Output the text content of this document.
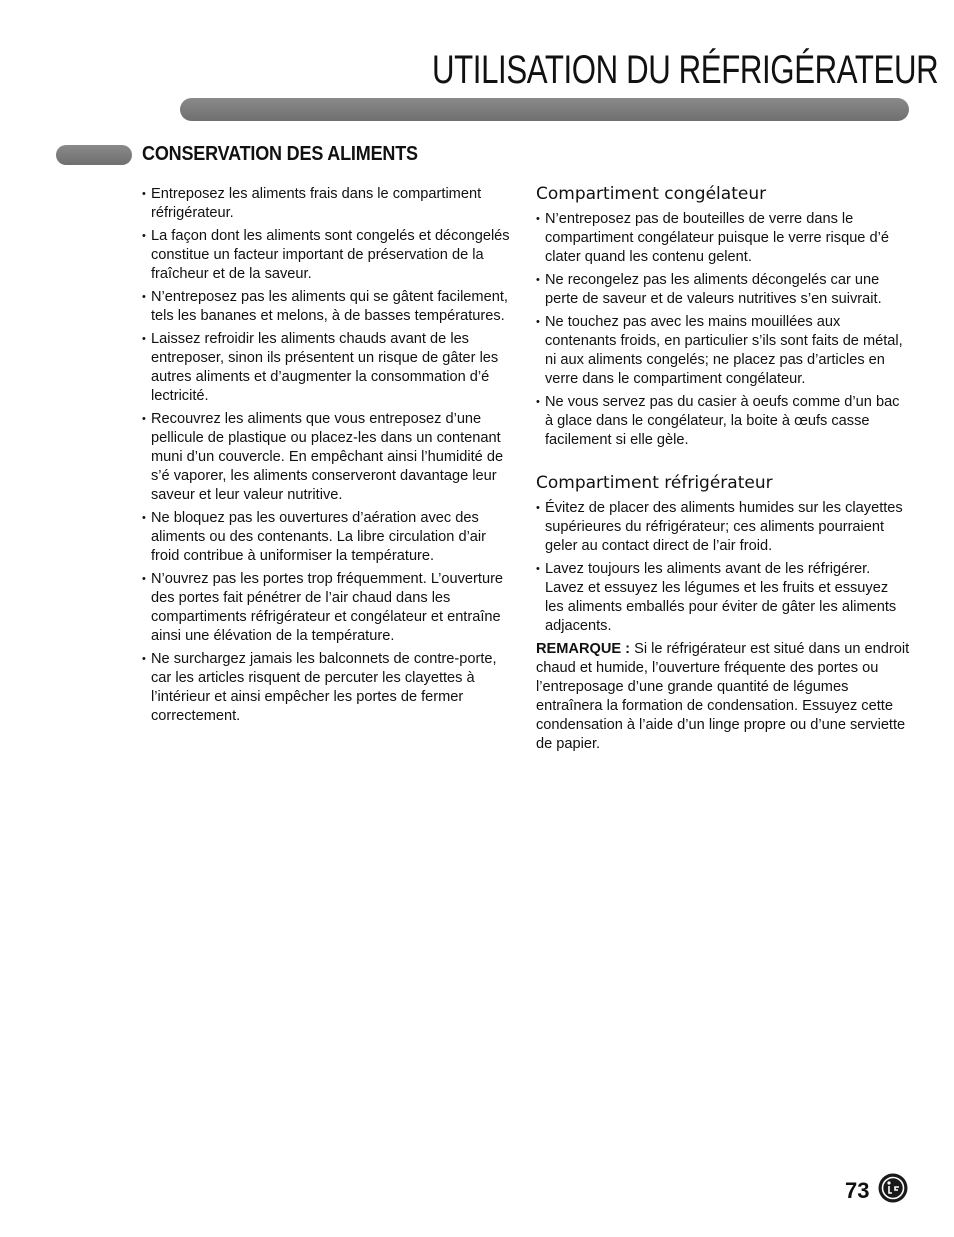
UTILISATION DU RÉFRIGÉRATEUR
CONSERVATION DES ALIMENTS
• Entreposez les aliments frais dans le compartiment réfrigérateur.
• La façon dont les aliments sont congelés et décongelés constitue un facteur important de préservation de la fraîcheur et de la saveur.
• N’entreposez pas les aliments qui se gâtent facilement, tels les bananes et melons, à de basses températures.
• Laissez refroidir les aliments chauds avant de les entreposer, sinon ils présentent un risque de gâter les autres aliments et d’augmenter la consommation d’é lectricité.
• Recouvrez les aliments que vous entreposez d’une pellicule de plastique ou placez-les dans un contenant muni d’un couvercle. En empêchant ainsi l’humidité de s’é vaporer, les aliments conserveront davantage leur saveur et leur valeur nutritive.
• Ne bloquez pas les ouvertures d’aération avec des aliments ou des contenants. La libre circulation d’air froid contribue à uniformiser la température.
• N’ouvrez pas les portes trop fréquemment. L’ouverture des portes fait pénétrer de l’air chaud dans les compartiments réfrigérateur et congélateur et entraîne ainsi une élévation de la température.
• Ne surchargez jamais les balconnets de contre-porte, car les articles risquent de percuter les clayettes à l’intérieur et ainsi empêcher les portes de fermer correctement.
Compartiment congélateur
• N’entreposez pas de bouteilles de verre dans le compartiment congélateur puisque le verre risque d’é clater quand les contenu gelent.
• Ne recongelez pas les aliments décongelés car une perte de saveur et de valeurs nutritives s’en suivrait.
• Ne touchez pas avec les mains mouillées aux contenants froids, en particulier s’ils sont faits de métal, ni aux aliments congelés; ne placez pas d’articles en verre dans le compartiment congélateur.
• Ne vous servez pas du casier à oeufs comme d’un bac à glace dans le congélateur, la boite à œufs casse facilement si elle gèle.
Compartiment réfrigérateur
• Évitez de placer des aliments humides sur les clayettes supérieures du réfrigérateur; ces aliments pourraient geler au contact direct de l’air froid.
• Lavez toujours les aliments avant de les réfrigérer. Lavez et essuyez les légumes et les fruits et essuyez les aliments emballés pour éviter de gâter les aliments adjacents.

REMARQUE : Si le réfrigérateur est situé dans un endroit chaud et humide, l’ouverture fréquente des portes ou l’entreposage d’une grande quantité de légumes entraînera la formation de condensation. Essuyez cette condensation à l’aide d’un linge propre ou d’une serviette de papier.

73
